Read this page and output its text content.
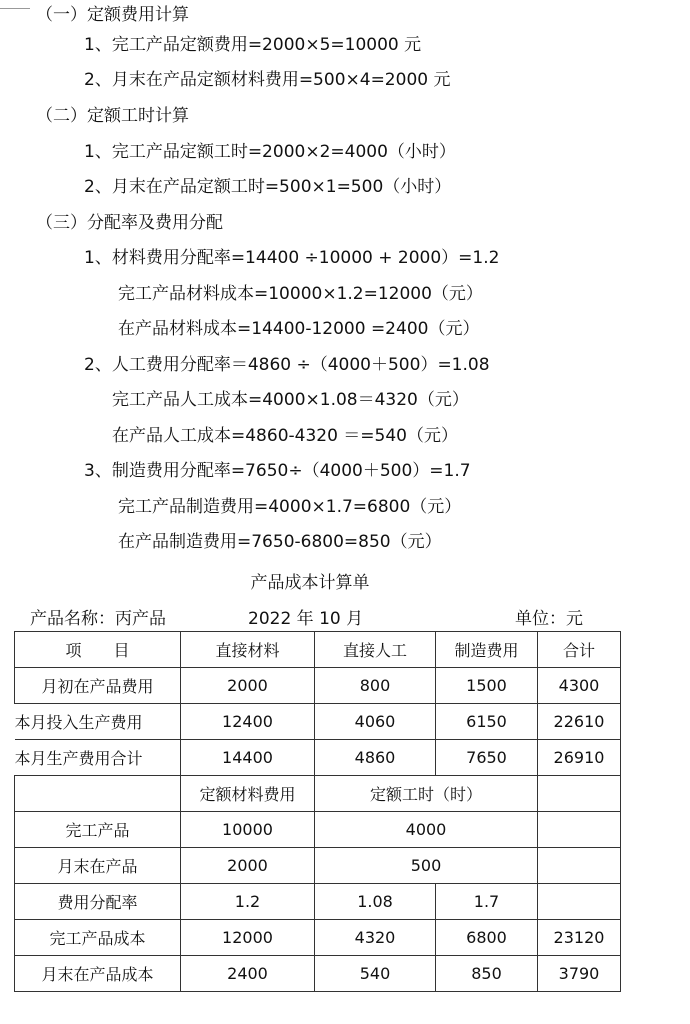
（一）定额费用计算
1、完工产品定额费用=2000×5=10000 元
2、月末在产品定额材料费用=500×4=2000 元
（二）定额工时计算
1、完工产品定额工时=2000×2=4000（小时）
2、月末在产品定额工时=500×1=500（小时）
（三）分配率及费用分配
1、材料费用分配率=14400 ÷10000 + 2000）=1.2
完工产品材料成本=10000×1.2=12000（元）
在产品材料成本=14400-12000 =2400（元）
2、人工费用分配率＝4860 ÷（4000＋500）=1.08
完工产品人工成本=4000×1.08＝4320（元）
在产品人工成本=4860-4320 ＝=540（元）
3、制造费用分配率=7650÷（4000＋500）=1.7
完工产品制造费用=4000×1.7=6800（元）
在产品制造费用=7650-6800=850（元）
产品成本计算单
产品名称：丙产品	2022 年 10 月	单位：元
项　　目	直接材料	直接人工	制造费用	合计
月初在产品费用	2000	800	1500	4300
本月投入生产费用	12400	4060	6150	22610
本月生产费用合计	14400	4860	7650	26910
	定额材料费用	定额工时（时）		
完工产品	10000	4000		
月末在产品	2000	500		
费用分配率	1.2	1.08	1.7	
完工产品成本	12000	4320	6800	23120
月末在产品成本	2400	540	850	3790
